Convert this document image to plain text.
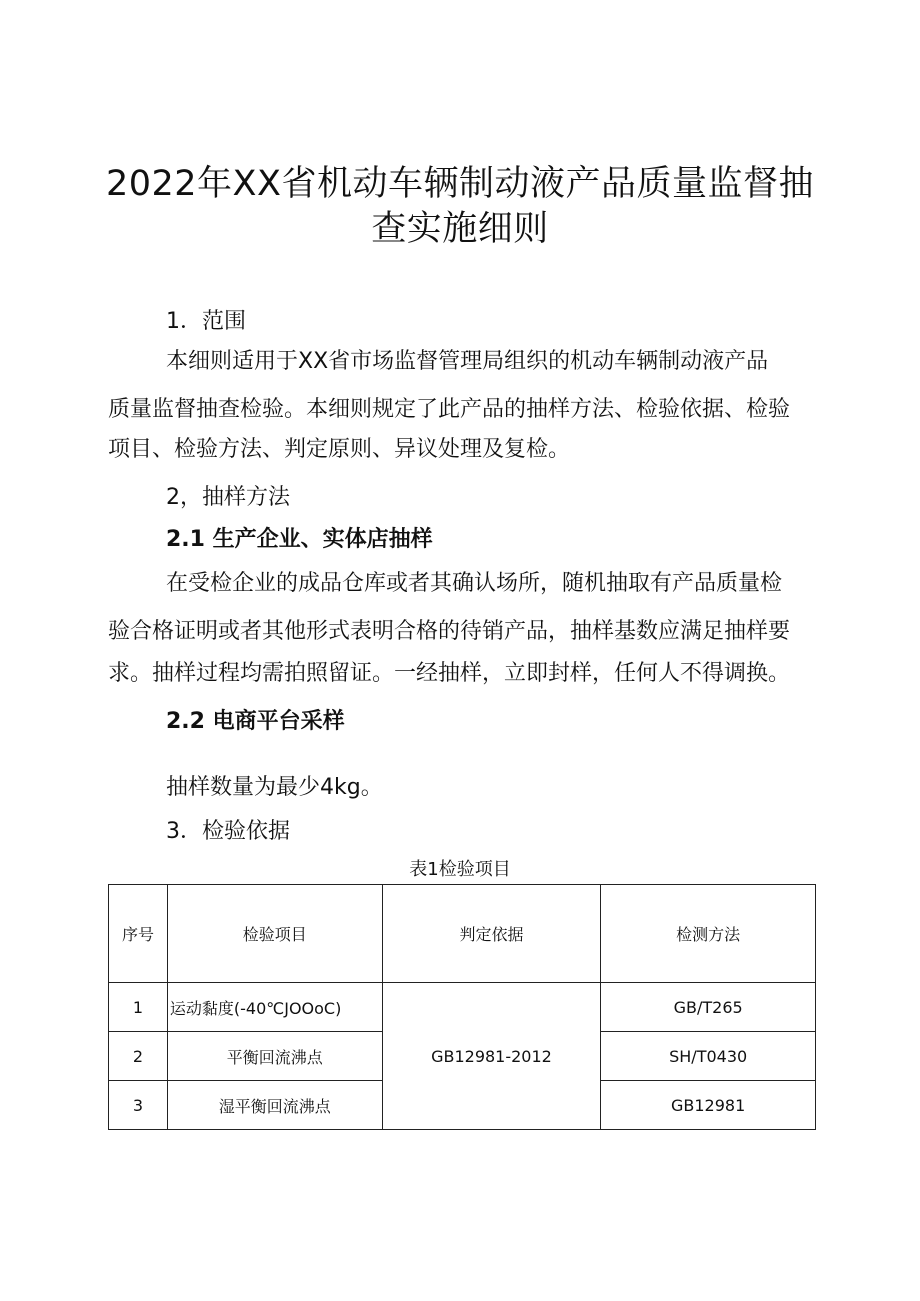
2022年XX省机动车辆制动液产品质量监督抽
查实施细则
1．范围
本细则适用于XX省市场监督管理局组织的机动车辆制动液产品
质量监督抽查检验。本细则规定了此产品的抽样方法、检验依据、检验
项目、检验方法、判定原则、异议处理及复检。
2，抽样方法
2.1 生产企业、实体店抽样
在受检企业的成品仓库或者其确认场所，随机抽取有产品质量检
验合格证明或者其他形式表明合格的待销产品，抽样基数应满足抽样要
求。抽样过程均需拍照留证。一经抽样，立即封样，任何人不得调换。
2.2 电商平台采样
抽样数量为最少4kg。
3．检验依据
表1检验项目
序号	检验项目	判定依据	检测方法
1	运动黏度(-40℃JOOoC)	GB12981-2012	GB/T265
2	平衡回流沸点		SH/T0430
3	湿平衡回流沸点		GB12981
